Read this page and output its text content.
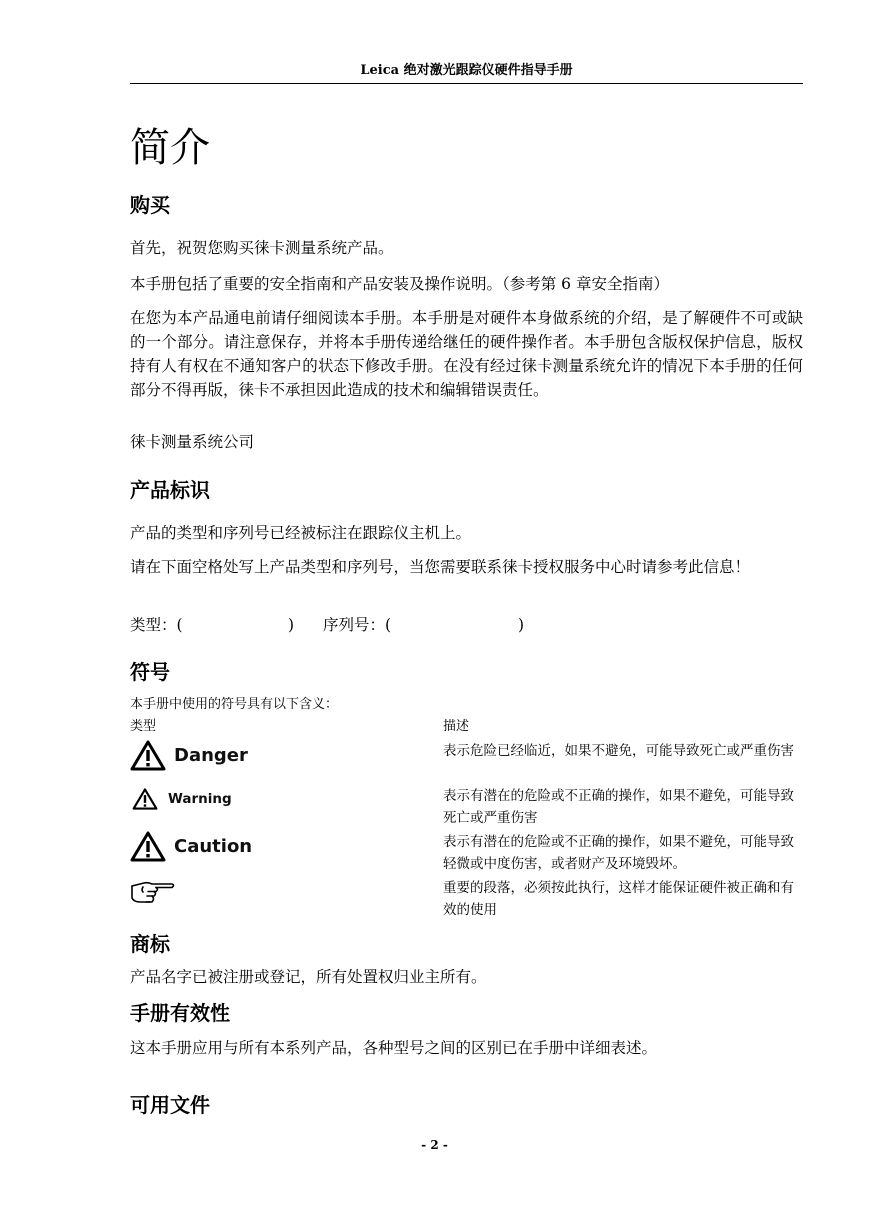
Leica 绝对激光跟踪仪硬件指导手册
简介
购买

首先，祝贺您购买徕卡测量系统产品。

本手册包括了重要的安全指南和产品安装及操作说明。（参考第 6 章安全指南）

在您为本产品通电前请仔细阅读本手册。本手册是对硬件本身做系统的介绍，是了解硬件不可或缺的一个部分。请注意保存，并将本手册传递给继任的硬件操作者。本手册包含版权保护信息，版权持有人有权在不通知客户的状态下修改手册。在没有经过徕卡测量系统允许的情况下本手册的任何部分不得再版，徕卡不承担因此造成的技术和编辑错误责任。

徕卡测量系统公司

产品标识

产品的类型和序列号已经被标注在跟踪仪主机上。

请在下面空格处写上产品类型和序列号，当您需要联系徕卡授权服务中心时请参考此信息！

类型：(	) 序列号：(	)
符号

本手册中使用的符号具有以下含义：

类型	描述

Danger	表示危险已经临近，如果不避免，可能导致死亡或严重伤害

Warning	表示有潜在的危险或不正确的操作，如果不避免，可能导致死亡或严重伤害

Caution	表示有潜在的危险或不正确的操作，如果不避免，可能导致轻微或中度伤害，或者财产及环境毁坏。

重要的段落，必须按此执行，这样才能保证硬件被正确和有效的使用

商标

产品名字已被注册或登记，所有处置权归业主所有。

手册有效性

这本手册应用与所有本系列产品，各种型号之间的区别已在手册中详细表述。

可用文件
- 2 -
